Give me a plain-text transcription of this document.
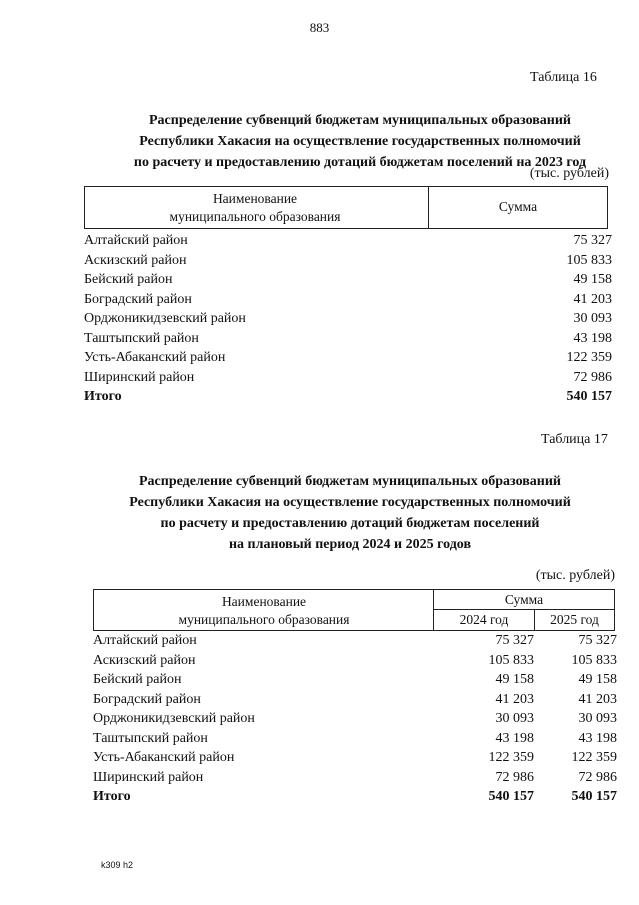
883
Таблица 16
Распределение субвенций бюджетам муниципальных образований
Республики Хакасия на осуществление государственных полномочий
по расчету и предоставлению дотаций бюджетам поселений на 2023 год
(тыс. рублей)
Наименование
муниципального образования
Сумма
Алтайский район	75 327
Аскизский район	105 833
Бейский район	49 158
Боградский район	41 203
Орджоникидзевский район	30 093
Таштыпский район	43 198
Усть-Абаканский район	122 359
Ширинский район	72 986
Итого	540 157
Таблица 17
Распределение субвенций бюджетам муниципальных образований
Республики Хакасия на осуществление государственных полномочий
по расчету и предоставлению дотаций бюджетам поселений
на плановый период 2024 и 2025 годов
(тыс. рублей)
Наименование
муниципального образования
Сумма
2024 год	2025 год
Алтайский район	75 327	75 327
Аскизский район	105 833	105 833
Бейский район	49 158	49 158
Боградский район	41 203	41 203
Орджоникидзевский район	30 093	30 093
Таштыпский район	43 198	43 198
Усть-Абаканский район	122 359	122 359
Ширинский район	72 986	72 986
Итого	540 157	540 157
k309 h2
